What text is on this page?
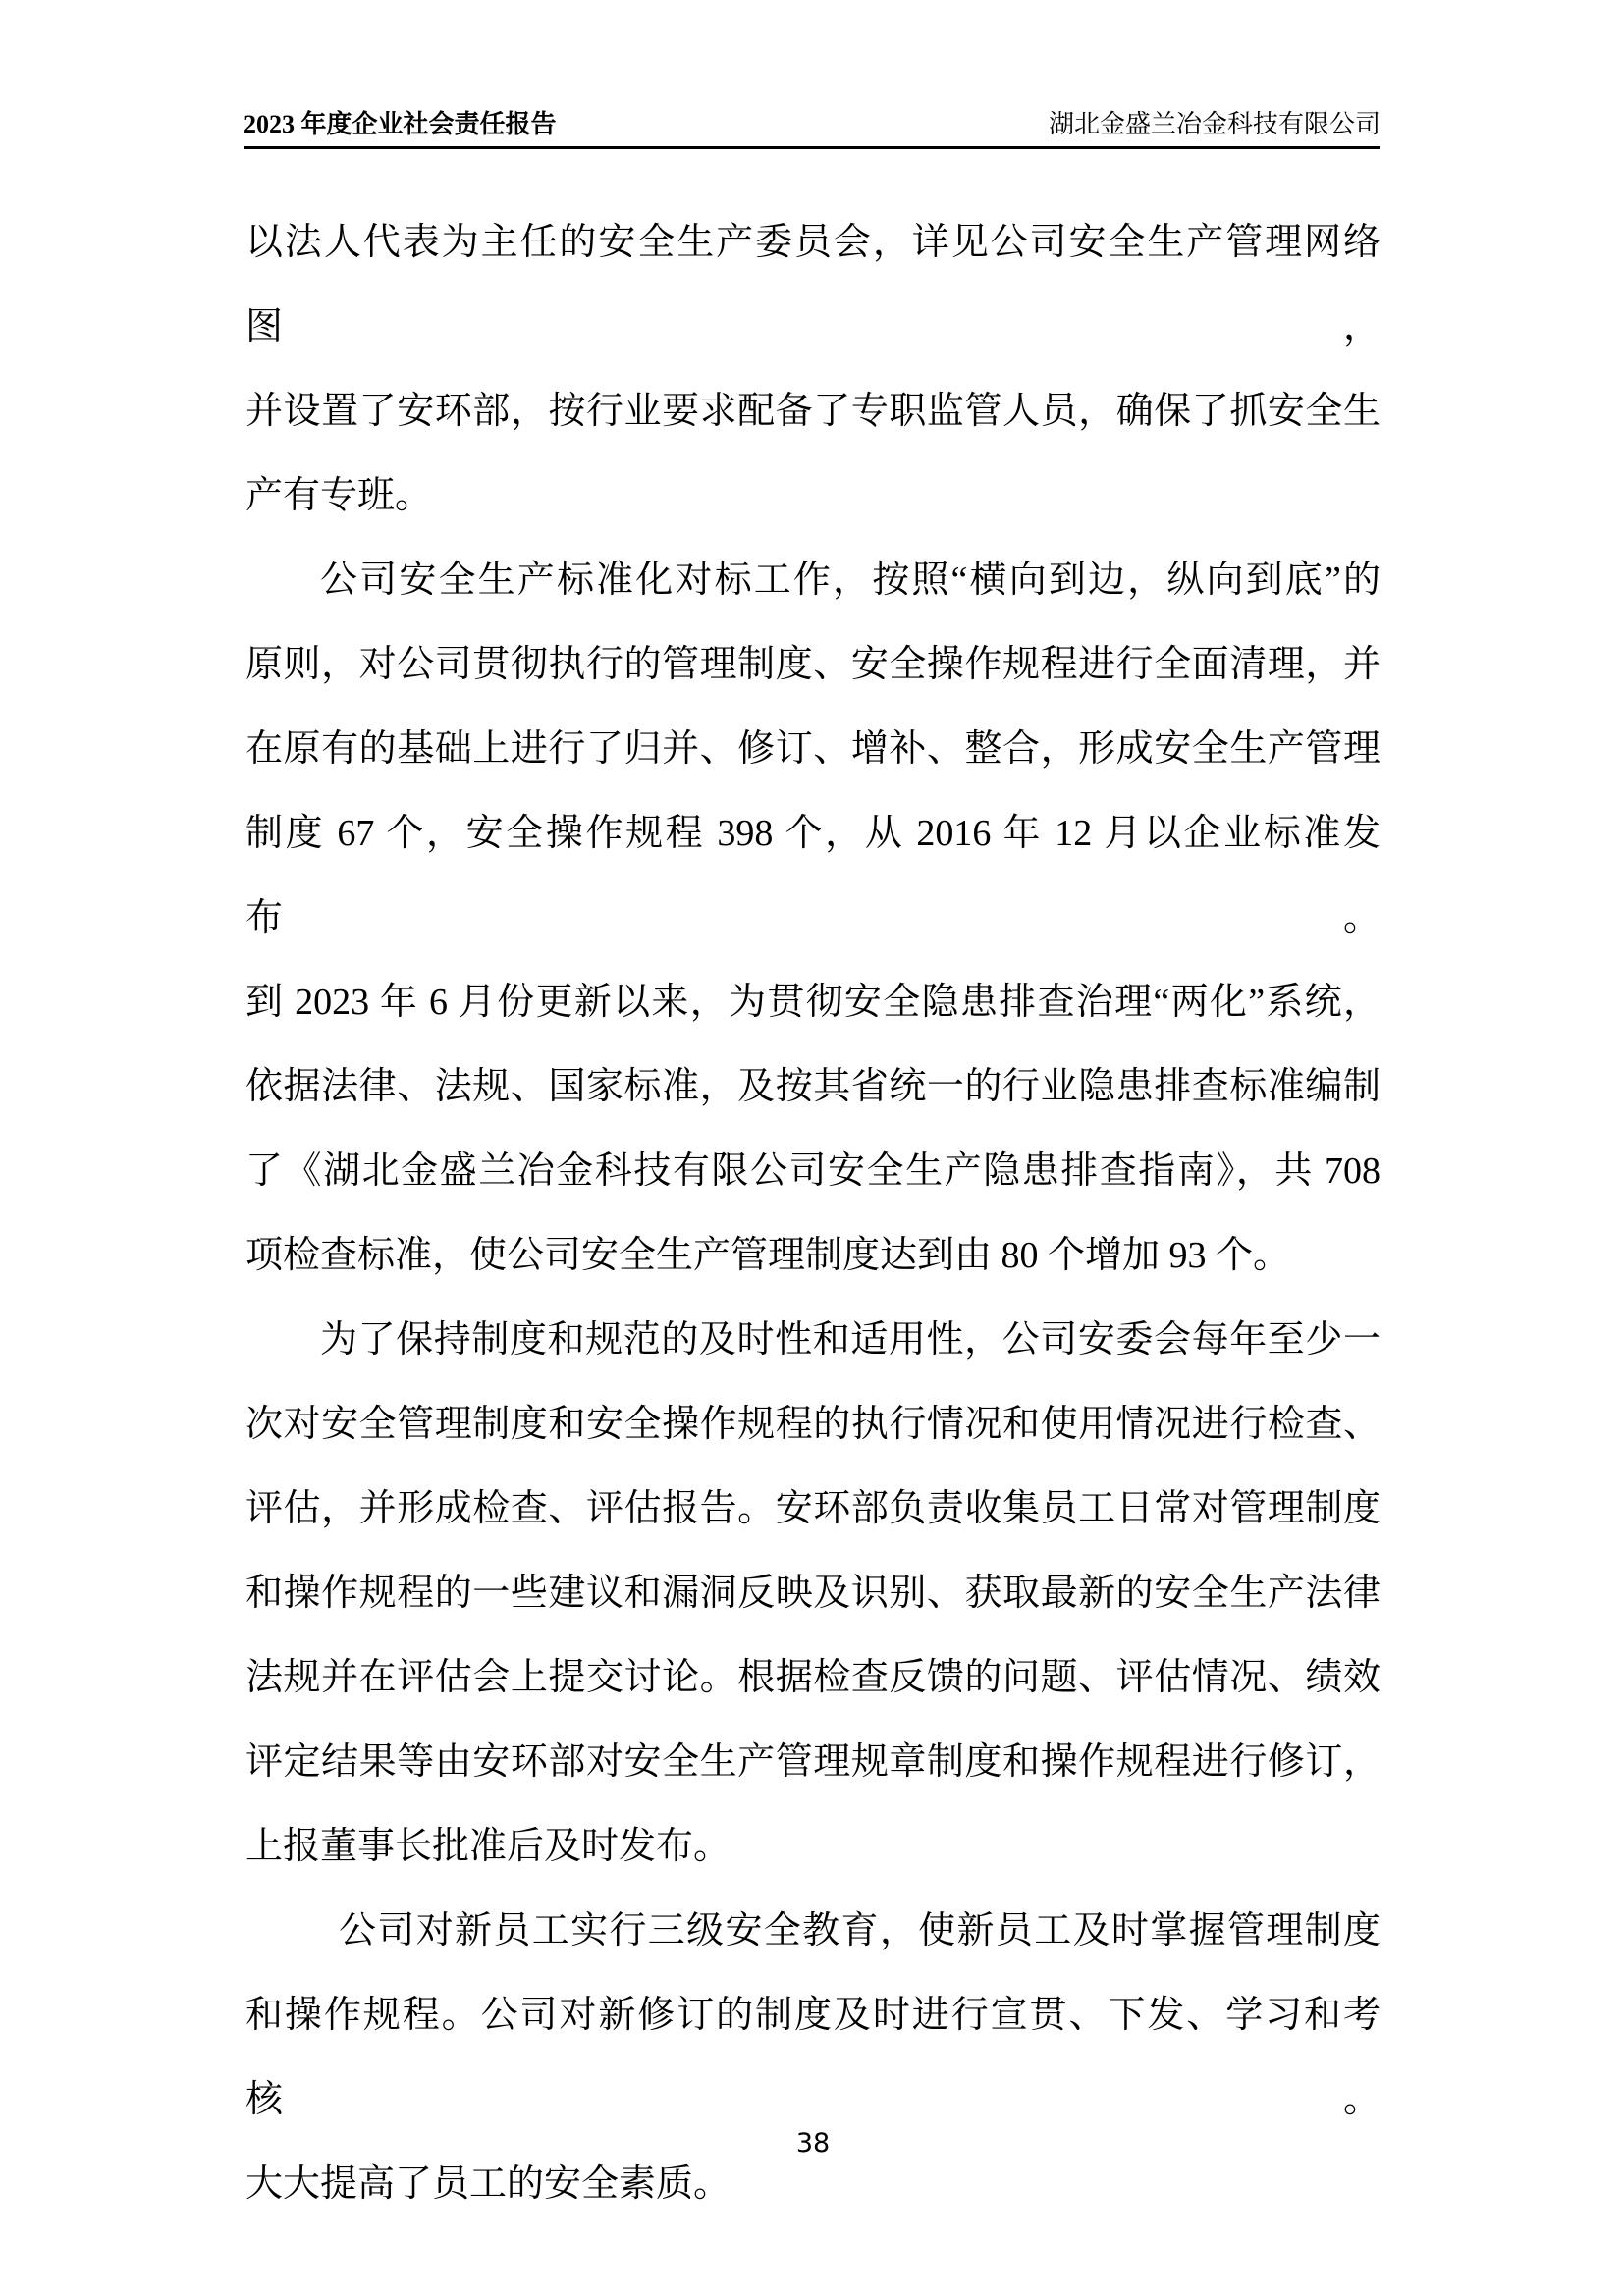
2023 年度企业社会责任报告	湖北金盛兰冶金科技有限公司
以法人代表为主任的安全生产委员会，详见公司安全生产管理网络图，
并设置了安环部，按行业要求配备了专职监管人员，确保了抓安全生
产有专班。
公司安全生产标准化对标工作，按照“横向到边，纵向到底”的
原则，对公司贯彻执行的管理制度、安全操作规程进行全面清理，并
在原有的基础上进行了归并、修订、增补、整合，形成安全生产管理
制度 67 个，安全操作规程 398 个，从 2016 年 12 月以企业标准发布。
到 2023 年 6 月份更新以来，为贯彻安全隐患排查治理“两化”系统，
依据法律、法规、国家标准，及按其省统一的行业隐患排查标准编制
了《湖北金盛兰冶金科技有限公司安全生产隐患排查指南》，共 708
项检查标准，使公司安全生产管理制度达到由 80 个增加 93 个。
为了保持制度和规范的及时性和适用性，公司安委会每年至少一
次对安全管理制度和安全操作规程的执行情况和使用情况进行检查、
评估，并形成检查、评估报告。安环部负责收集员工日常对管理制度
和操作规程的一些建议和漏洞反映及识别、获取最新的安全生产法律
法规并在评估会上提交讨论。根据检查反馈的问题、评估情况、绩效
评定结果等由安环部对安全生产管理规章制度和操作规程进行修订，
上报董事长批准后及时发布。
公司对新员工实行三级安全教育，使新员工及时掌握管理制度
和操作规程。公司对新修订的制度及时进行宣贯、下发、学习和考核。
大大提高了员工的安全素质。
38
